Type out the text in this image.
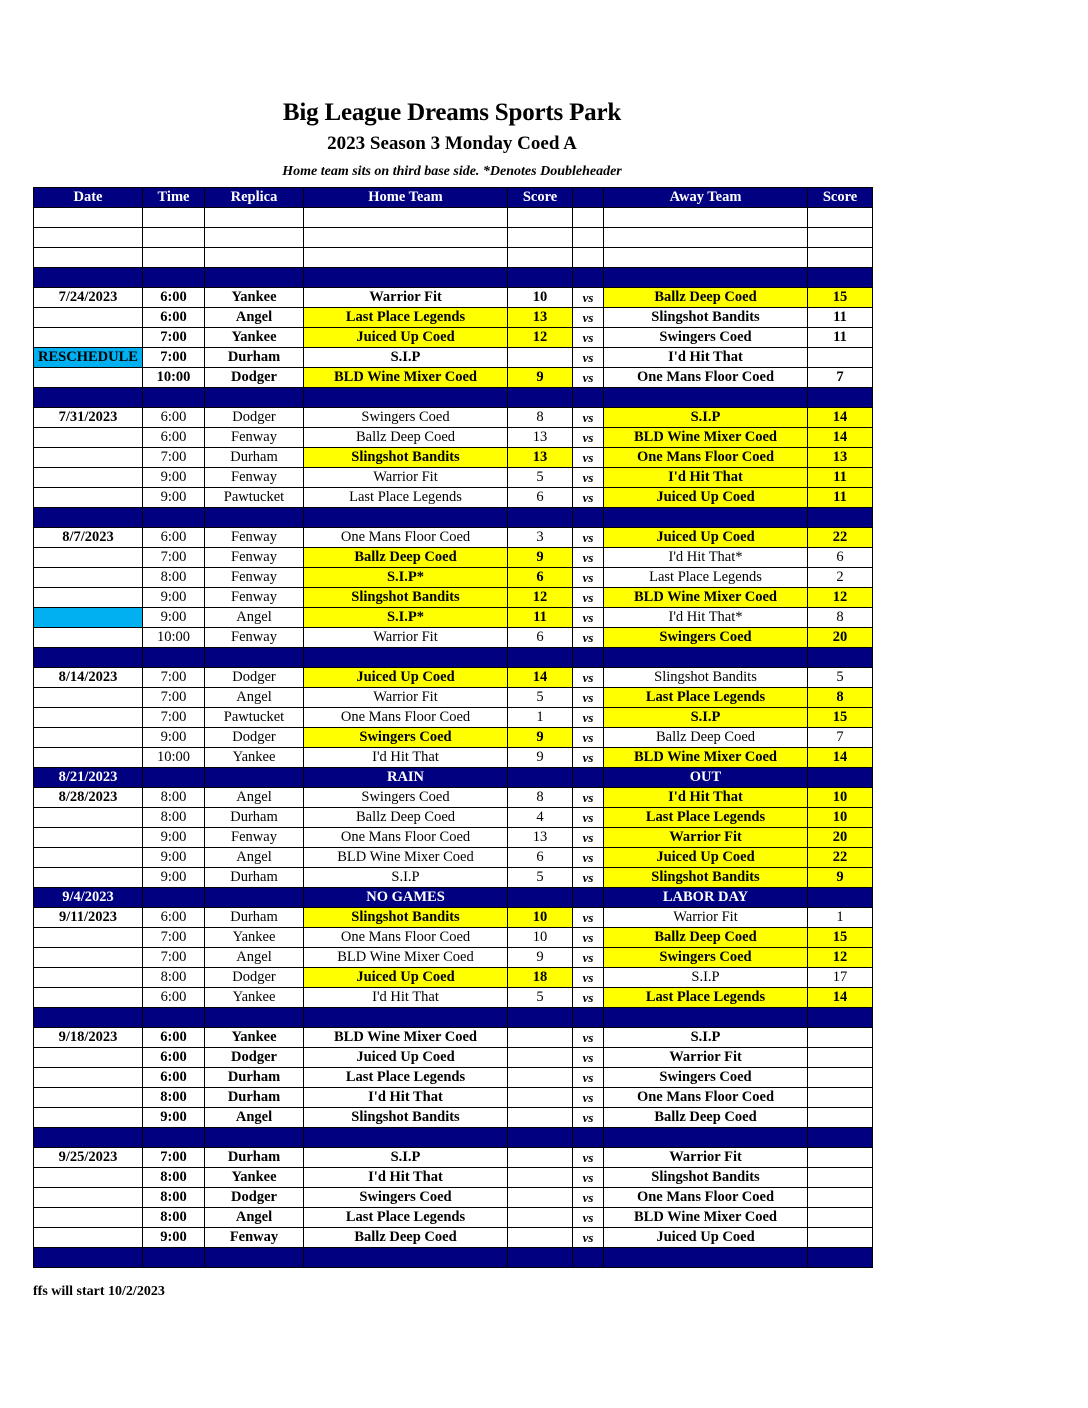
Big League Dreams Sports Park
2023 Season 3 Monday Coed A
Home team sits on third base side. *Denotes Doubleheader
Date	Time	Replica	Home Team	Score		Away Team	Score

7/24/2023	6:00	Yankee	Warrior Fit	10	vs	Ballz Deep Coed	15
	6:00	Angel	Last Place Legends	13	vs	Slingshot Bandits	11
	7:00	Yankee	Juiced Up Coed	12	vs	Swingers Coed	11
RESCHEDULE	7:00	Durham	S.I.P		vs	I'd Hit That	
	10:00	Dodger	BLD Wine Mixer Coed	9	vs	One Mans Floor Coed	7

7/31/2023	6:00	Dodger	Swingers Coed	8	vs	S.I.P	14
	6:00	Fenway	Ballz Deep Coed	13	vs	BLD Wine Mixer Coed	14
	7:00	Durham	Slingshot Bandits	13	vs	One Mans Floor Coed	13
	9:00	Fenway	Warrior Fit	5	vs	I'd Hit That	11
	9:00	Pawtucket	Last Place Legends	6	vs	Juiced Up Coed	11

8/7/2023	6:00	Fenway	One Mans Floor Coed	3	vs	Juiced Up Coed	22
	7:00	Fenway	Ballz Deep Coed	9	vs	I'd Hit That*	6
	8:00	Fenway	S.I.P*	6	vs	Last Place Legends	2
	9:00	Fenway	Slingshot Bandits	12	vs	BLD Wine Mixer Coed	12
	9:00	Angel	S.I.P*	11	vs	I'd Hit That*	8
	10:00	Fenway	Warrior Fit	6	vs	Swingers Coed	20

8/14/2023	7:00	Dodger	Juiced Up Coed	14	vs	Slingshot Bandits	5
	7:00	Angel	Warrior Fit	5	vs	Last Place Legends	8
	7:00	Pawtucket	One Mans Floor Coed	1	vs	S.I.P	15
	9:00	Dodger	Swingers Coed	9	vs	Ballz Deep Coed	7
	10:00	Yankee	I'd Hit That	9	vs	BLD Wine Mixer Coed	14
8/21/2023			RAIN			OUT	
8/28/2023	8:00	Angel	Swingers Coed	8	vs	I'd Hit That	10
	8:00	Durham	Ballz Deep Coed	4	vs	Last Place Legends	10
	9:00	Fenway	One Mans Floor Coed	13	vs	Warrior Fit	20
	9:00	Angel	BLD Wine Mixer Coed	6	vs	Juiced Up Coed	22
	9:00	Durham	S.I.P	5	vs	Slingshot Bandits	9
9/4/2023			NO GAMES			LABOR DAY	
9/11/2023	6:00	Durham	Slingshot Bandits	10	vs	Warrior Fit	1
	7:00	Yankee	One Mans Floor Coed	10	vs	Ballz Deep Coed	15
	7:00	Angel	BLD Wine Mixer Coed	9	vs	Swingers Coed	12
	8:00	Dodger	Juiced Up Coed	18	vs	S.I.P	17
	6:00	Yankee	I'd Hit That	5	vs	Last Place Legends	14

9/18/2023	6:00	Yankee	BLD Wine Mixer Coed		vs	S.I.P	
	6:00	Dodger	Juiced Up Coed		vs	Warrior Fit	
	6:00	Durham	Last Place Legends		vs	Swingers Coed	
	8:00	Durham	I'd Hit That		vs	One Mans Floor Coed	
	9:00	Angel	Slingshot Bandits		vs	Ballz Deep Coed	

9/25/2023	7:00	Durham	S.I.P		vs	Warrior Fit	
	8:00	Yankee	I'd Hit That		vs	Slingshot Bandits	
	8:00	Dodger	Swingers Coed		vs	One Mans Floor Coed	
	8:00	Angel	Last Place Legends		vs	BLD Wine Mixer Coed	
	9:00	Fenway	Ballz Deep Coed		vs	Juiced Up Coed	

ffs will start 10/2/2023
